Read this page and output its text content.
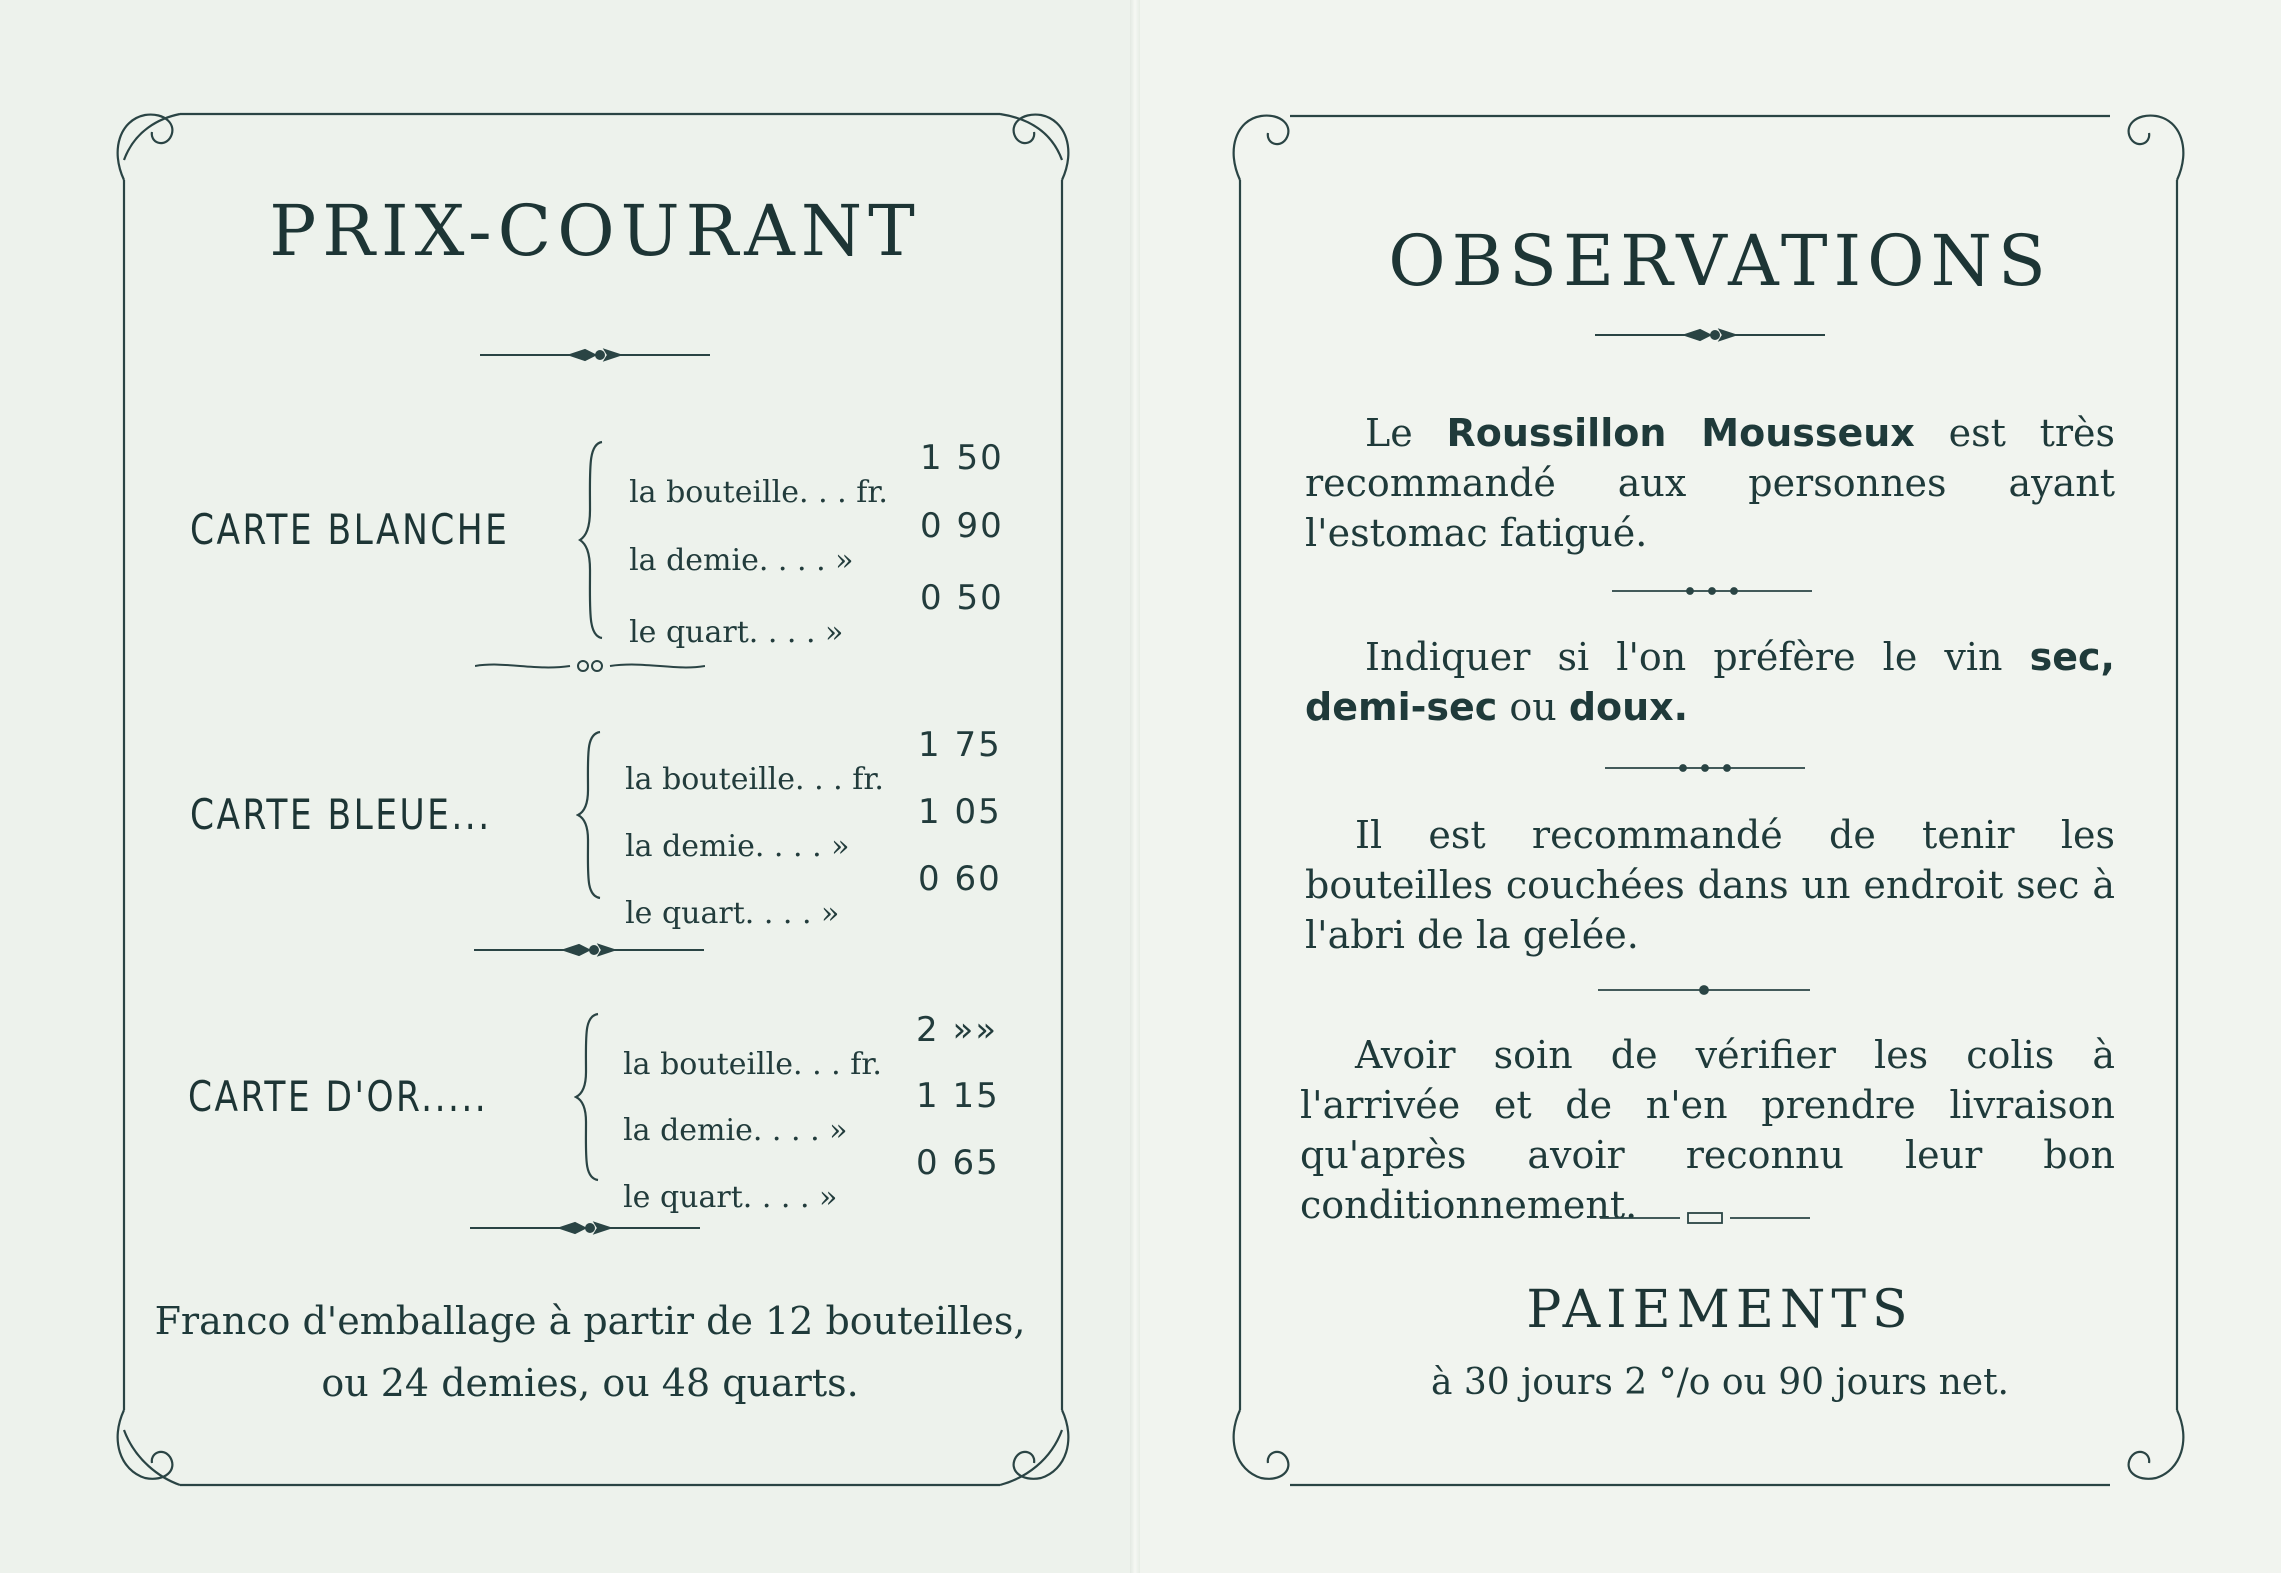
PRIX-COURANT
CARTE BLANCHE

la bouteille. . . fr.

1 50

la demie. . . . »

0 90

le quart. . . . »

0 50

CARTE BLEUE...

la bouteille. . . fr.

1 75

la demie. . . . »

1 05

le quart. . . . »

0 60

CARTE D'OR.....

la bouteille. . . fr.

2 »»

la demie. . . . »

1 15

le quart. . . . »

0 65

Franco d'emballage à partir de 12 bouteilles,
ou 24 demies, ou 48 quarts.
OBSERVATIONS
Le Roussillon Mousseux est très recommandé aux personnes ayant l'estomac fatigué.
Indiquer si l'on préfère le vin sec, demi-sec ou doux.
Il est recommandé de tenir les bouteilles couchées dans un endroit sec à l'abri de la gelée.
Avoir soin de vérifier les colis à l'arrivée et de n'en prendre livraison qu'après avoir reconnu leur bon conditionnement.
PAIEMENTS
à 30 jours 2 °/o ou 90 jours net.
